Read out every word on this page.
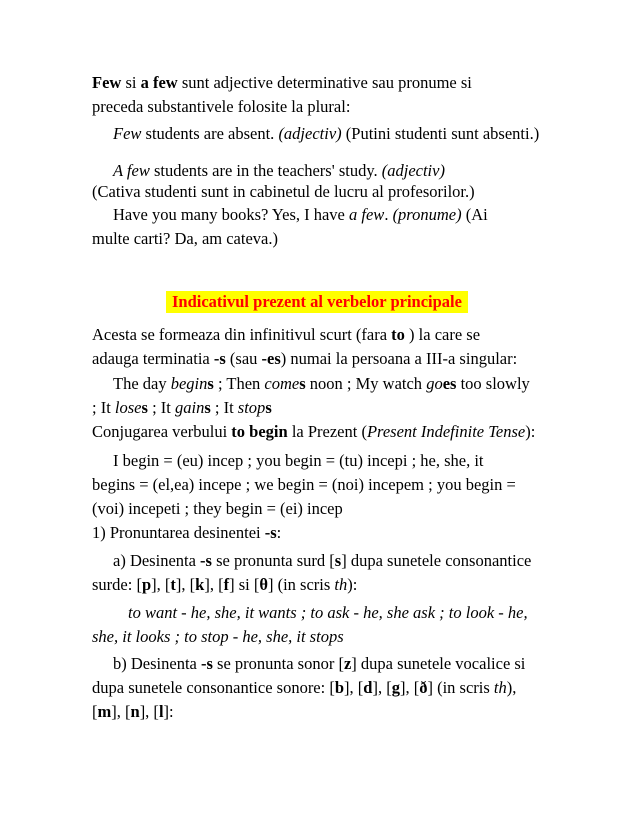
Few si a few sunt adjective determinative sau pronume si
preceda substantivele folosite la plural:
Few students are absent. (adjectiv) (Putini studenti sunt absenti.)
A few students are in the teachers' study. (adjectiv)
(Cativa studenti sunt in cabinetul de lucru al profesorilor.)
Have you many books? Yes, I have a few. (pronume) (Ai
multe carti? Da, am cateva.)
Indicativul prezent al verbelor principale
Acesta se formeaza din infinitivul scurt (fara to ) la care se
adauga terminatia -s (sau -es) numai la persoana a III-a singular:
The day begins ; Then comes noon ; My watch goes too slowly
; It loses ; It gains ; It stops
Conjugarea verbului to begin la Prezent (Present Indefinite Tense):
I begin = (eu) incep ; you begin = (tu) incepi ; he, she, it
begins = (el,ea) incepe ; we begin = (noi) incepem ; you begin =
(voi) incepeti ; they begin = (ei) incep
1) Pronuntarea desinentei -s:
a) Desinenta -s se pronunta surd [s] dupa sunetele consonantice
surde: [p], [t], [k], [f] si [θ] (in scris th):
to want - he, she, it wants ; to ask - he, she ask ; to look - he,
she, it looks ; to stop - he, she, it stops
b) Desinenta -s se pronunta sonor [z] dupa sunetele vocalice si
dupa sunetele consonantice sonore: [b], [d], [g], [ð] (in scris th),
[m], [n], [l]:
